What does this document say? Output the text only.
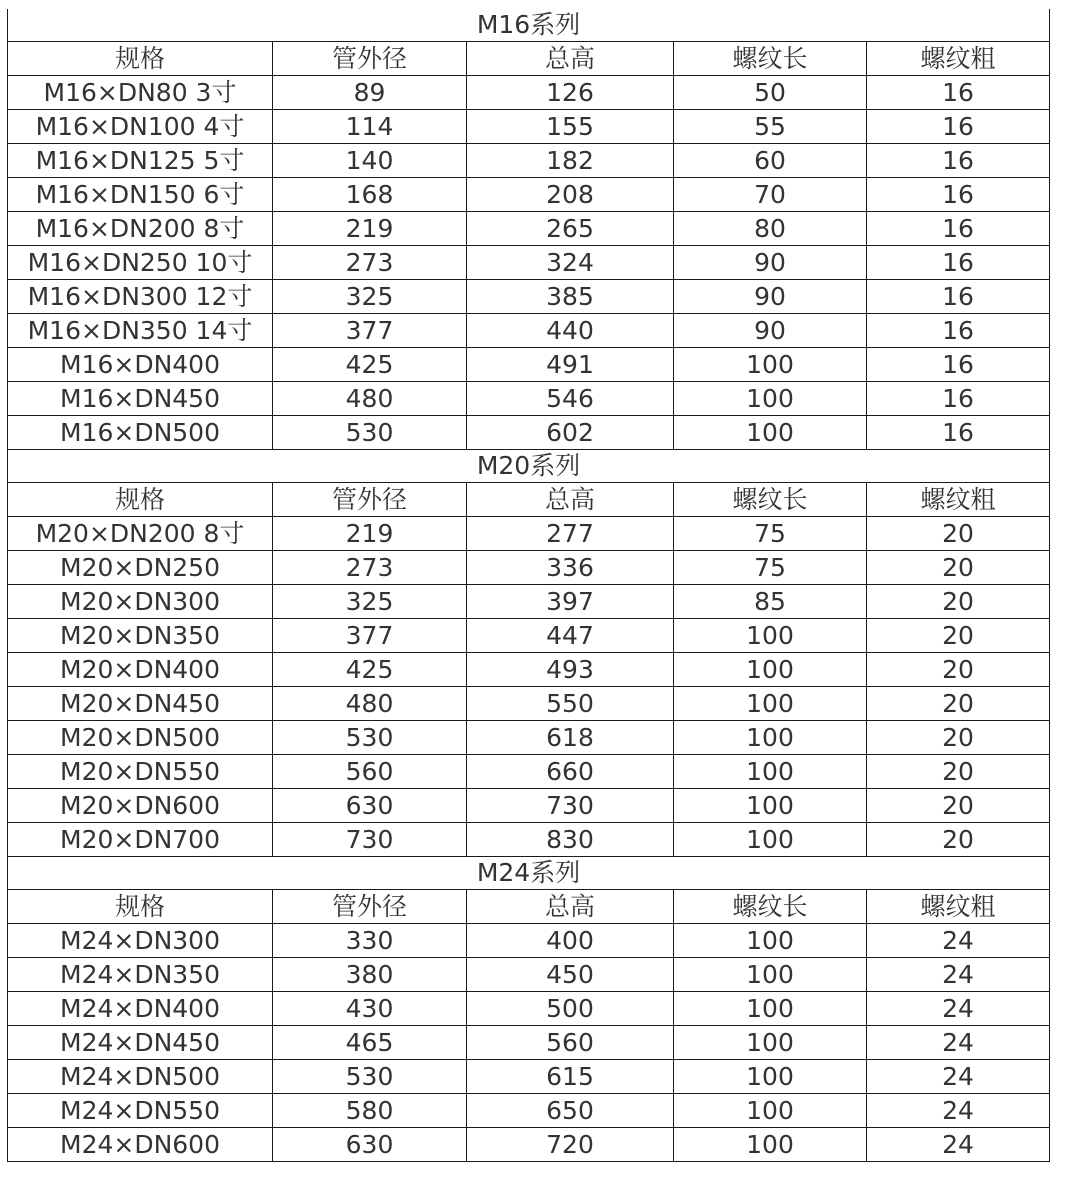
M16系列				
规格	管外径	总高	螺纹长	螺纹粗
M16×DN80 3寸	89	126	50	16
M16×DN100 4寸	114	155	55	16
M16×DN125 5寸	140	182	60	16
M16×DN150 6寸	168	208	70	16
M16×DN200 8寸	219	265	80	16
M16×DN250 10寸	273	324	90	16
M16×DN300 12寸	325	385	90	16
M16×DN350 14寸	377	440	90	16
M16×DN400	425	491	100	16
M16×DN450	480	546	100	16
M16×DN500	530	602	100	16
M20系列				
规格	管外径	总高	螺纹长	螺纹粗
M20×DN200 8寸	219	277	75	20
M20×DN250	273	336	75	20
M20×DN300	325	397	85	20
M20×DN350	377	447	100	20
M20×DN400	425	493	100	20
M20×DN450	480	550	100	20
M20×DN500	530	618	100	20
M20×DN550	560	660	100	20
M20×DN600	630	730	100	20
M20×DN700	730	830	100	20
M24系列				
规格	管外径	总高	螺纹长	螺纹粗
M24×DN300	330	400	100	24
M24×DN350	380	450	100	24
M24×DN400	430	500	100	24
M24×DN450	465	560	100	24
M24×DN500	530	615	100	24
M24×DN550	580	650	100	24
M24×DN600	630	720	100	24
